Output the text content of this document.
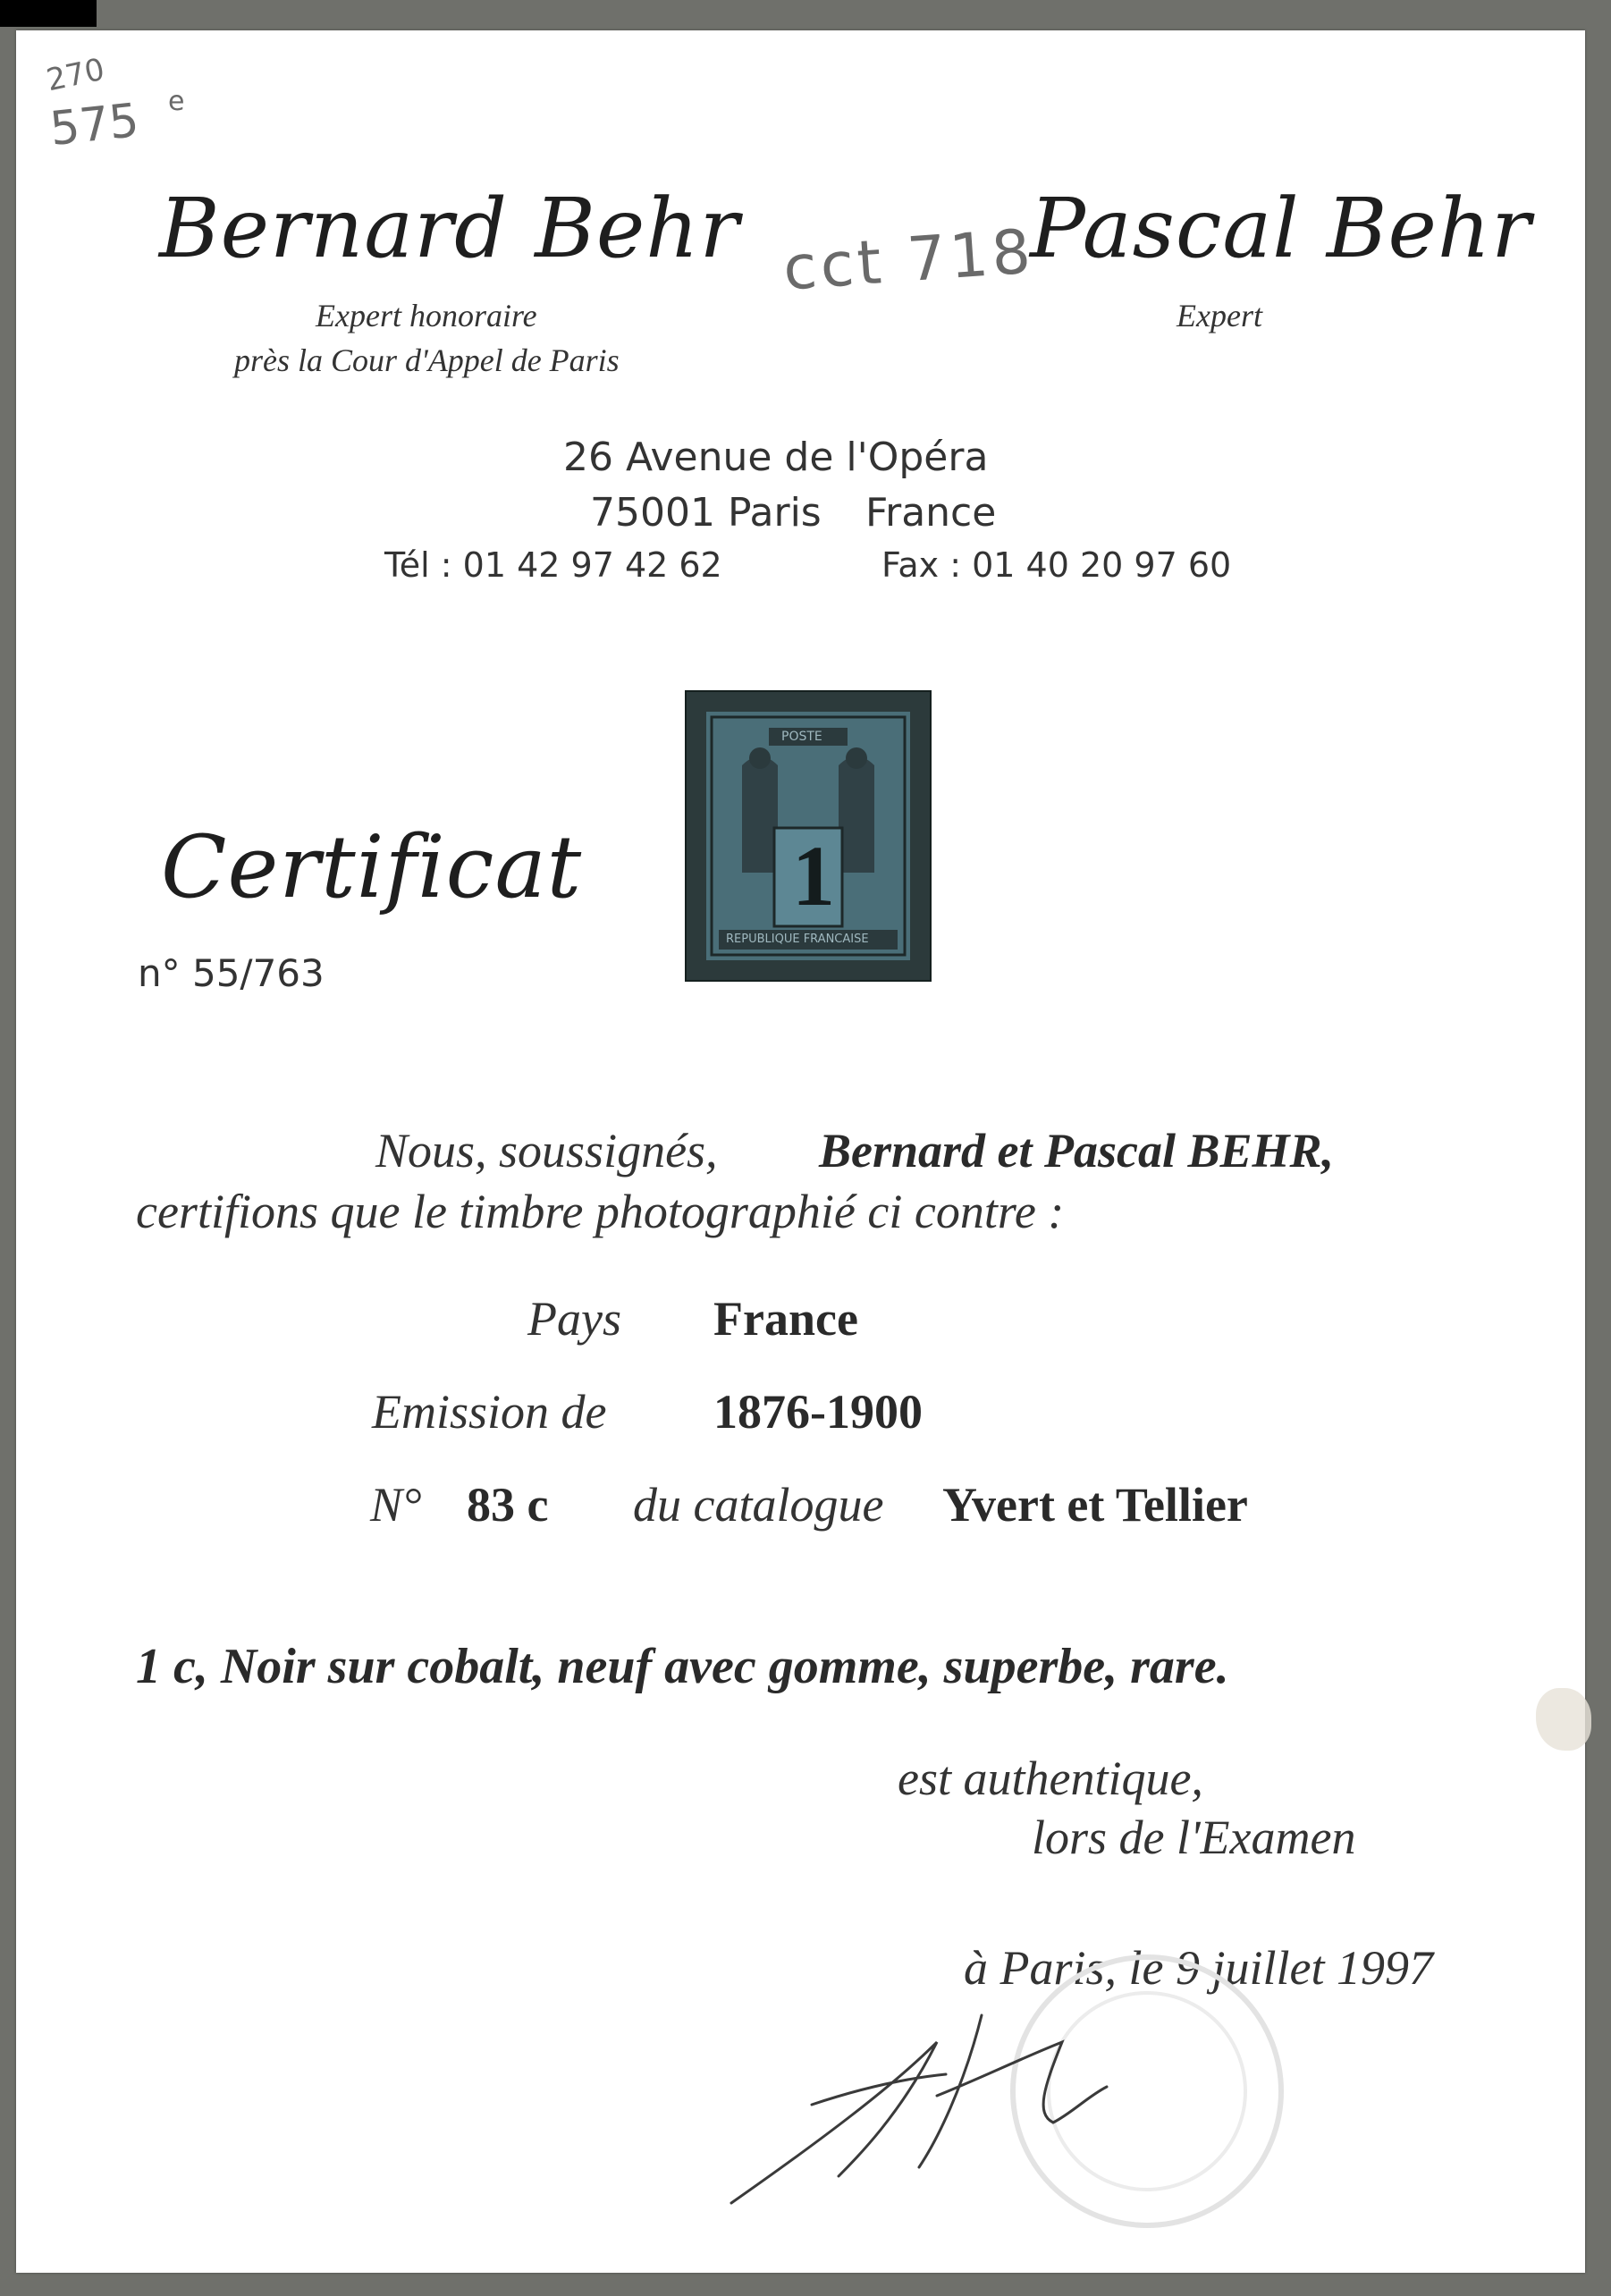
270
575 e
cct 718
Bernard Behr
Expert honoraire
près la Cour d'Appel de Paris
Pascal Behr
Expert
26 Avenue de l'Opéra
75001 Paris France
Tél : 01 42 97 42 62	Fax : 01 40 20 97 60
POSTE
1
REPUBLIQUE FRANCAISE
Certificat
n° 55/763
Nous, soussignés, Bernard et Pascal BEHR,
certifions que le timbre photographié ci contre :
Pays France
Emission de 1876-1900
N° 83 c du catalogue Yvert et Tellier
1 c, Noir sur cobalt, neuf avec gomme, superbe, rare.
est authentique,
lors de l'Examen
à Paris, le 9 juillet 1997
